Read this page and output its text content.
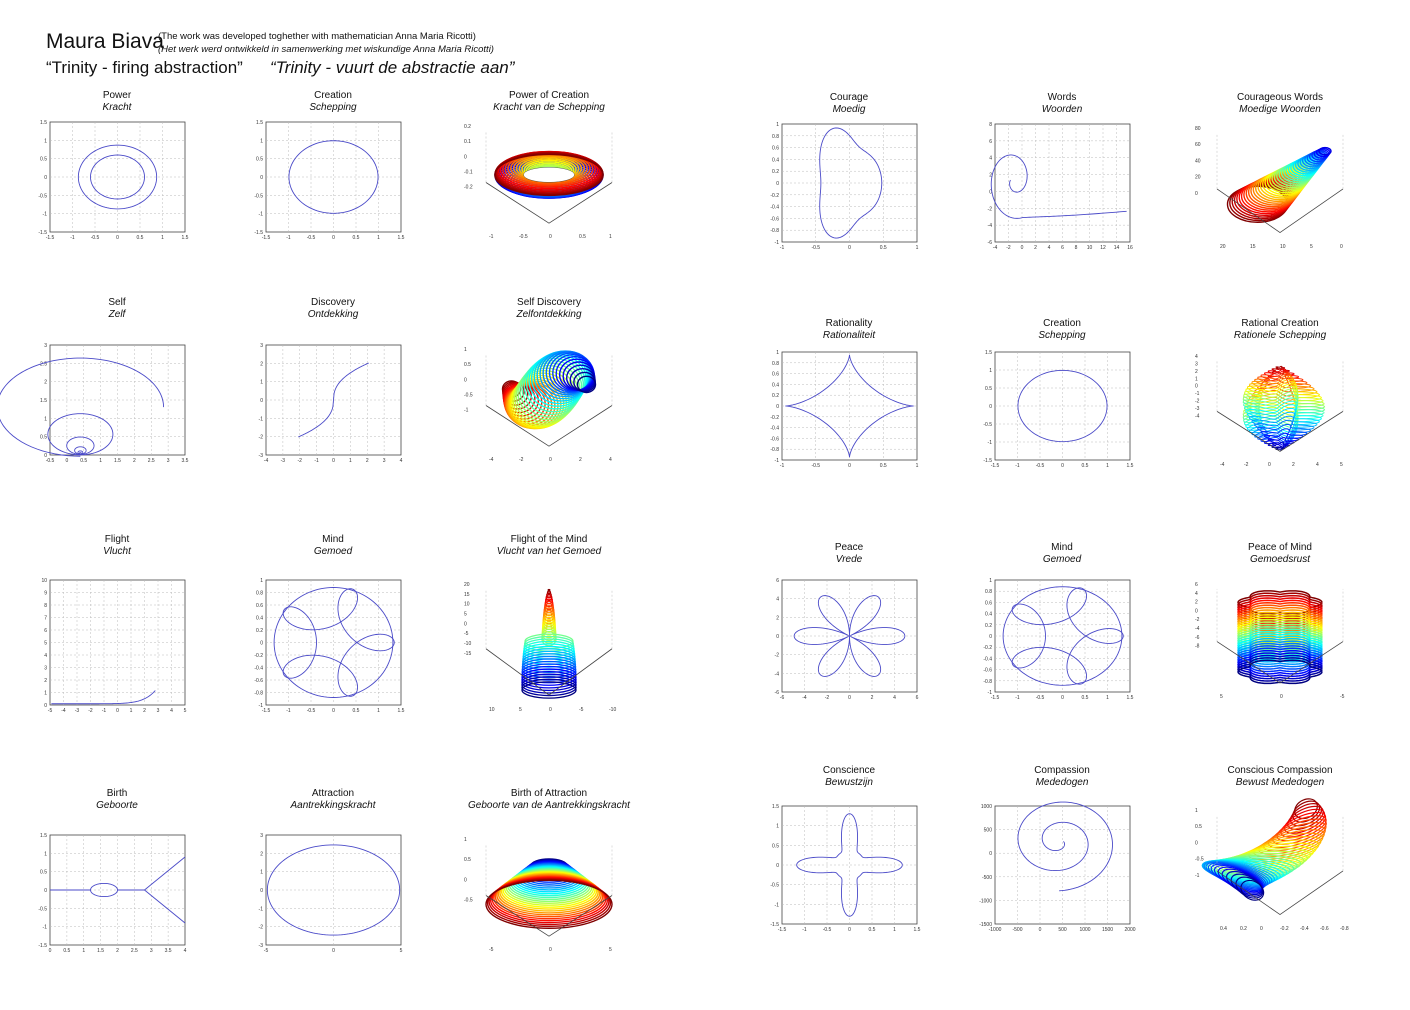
Maura Biava
(The work was developed toghether with mathematician Anna Maria Ricotti)
(Het werk werd ontwikkeld in samenwerking met wiskundige Anna Maria Ricotti)
“Trinity - firing abstraction” “Trinity - vuurt de abstractie aan”
Power
Kracht
Creation
Schepping
Power of Creation
Kracht van de Schepping
Courage
Moedig
Words
Woorden
Courageous Words
Moedige Woorden
Self
Zelf
Discovery
Ontdekking
Self Discovery
Zelfontdekking
Rationality
Rationaliteit
Creation
Schepping
Rational Creation
Rationele Schepping
Flight
Vlucht
Mind
Gemoed
Flight of the Mind
Vlucht van het Gemoed	Peace
Vrede
Mind
Gemoed
Peace of Mind
Gemoedsrust
Birth
Geboorte
Attraction
Aantrekkingskracht
Birth of Attraction
Geboorte van de Aantrekkingskracht
Conscience
Bewustzijn
Compassion
Mededogen
Conscious Compassion
Bewust Mededogen
-1.5	-1	-0.5	0	0.5	1	1.5
1.5
1
0.5
0
-0.5
-1
-1.5
-1.5	-1	-0.5	0	0.5	1	1.5
1.5
1
0.5
0
-0.5
-1
-1.5
-1	-0.5	0	0.5	1
0.2
0.1
0
-0.1
-0.2
-1	-0.5	0	0.5	1
1
0.8
0.6
0.4
0.2
0
-0.2
-0.4
-0.6
-0.8
-1
-4 -2 0 2 4 6 8 10 12 14 16
8
6
4
2
0
-2
-4
-6
20	15	10	5	0
80
60
40
20
0
-0.5 0 0.5 1 1.5 2 2.5 3 3.5
3
2.5
2
1.5
1
0.5
0
-4 -3 -2 -1	0	1	2	3	4
3
2
1
0
-1
-2
-3
-4	-2	0	2	4
1
0.5
0
-0.5
-1
-1	-0.5	0	0.5	1
1
0.8
0.6
0.4
0.2
0
-0.2
-0.4
-0.6
-0.8
-1
-1.5	-1	-0.5	0	0.5	1	1.5
1.5
1
0.5
0
-0.5
-1
-1.5
-4	-2	0	2	4	5
4
3
2
1
0
-1
-2
-3
-4
-5 -4 -3 -2 -1 0 1 2 3 4 5
10
9
8
7
6
5
4
3
2
1
0
-1.5	-1	-0.5	0	0.5	1	1.5
1
0.8
0.6
0.4
0.2
0
-0.2
-0.4
-0.6
-0.8
-1
10	5	0	-5	-10
20
15
10
5
0
-5
-10
-15
-6	-4	-2	0	2	4	6
6
4
2
0
-2
-4
-6
-1.5	-1	-0.5	0	0.5	1	1.5
1
0.8
0.6
0.4
0.2
0
-0.2
-0.4
-0.6
-0.8
-1
5	0	-5
6
4
2
0
-2
-4
-6
-8
0 0.5 1 1.5 2 2.5 3 3.5 4
1.5
1
0.5
0
-0.5
-1
-1.5
-5	0	5
3
2
1
0
-1
-2
-3
-5	0	5
1
0.5
0
-0.5
-1.5	-1	-0.5	0	0.5	1	1.5
1.5
1
0.5
0
-0.5
-1
-1.5
-1000 -500	0	500	1000 1500 2000
1000
500
0
-500
-1000
-1500
0.4	0.2	0	-0.2 -0.4 -0.6 -0.8
1
0.5
0
-0.5
-1
